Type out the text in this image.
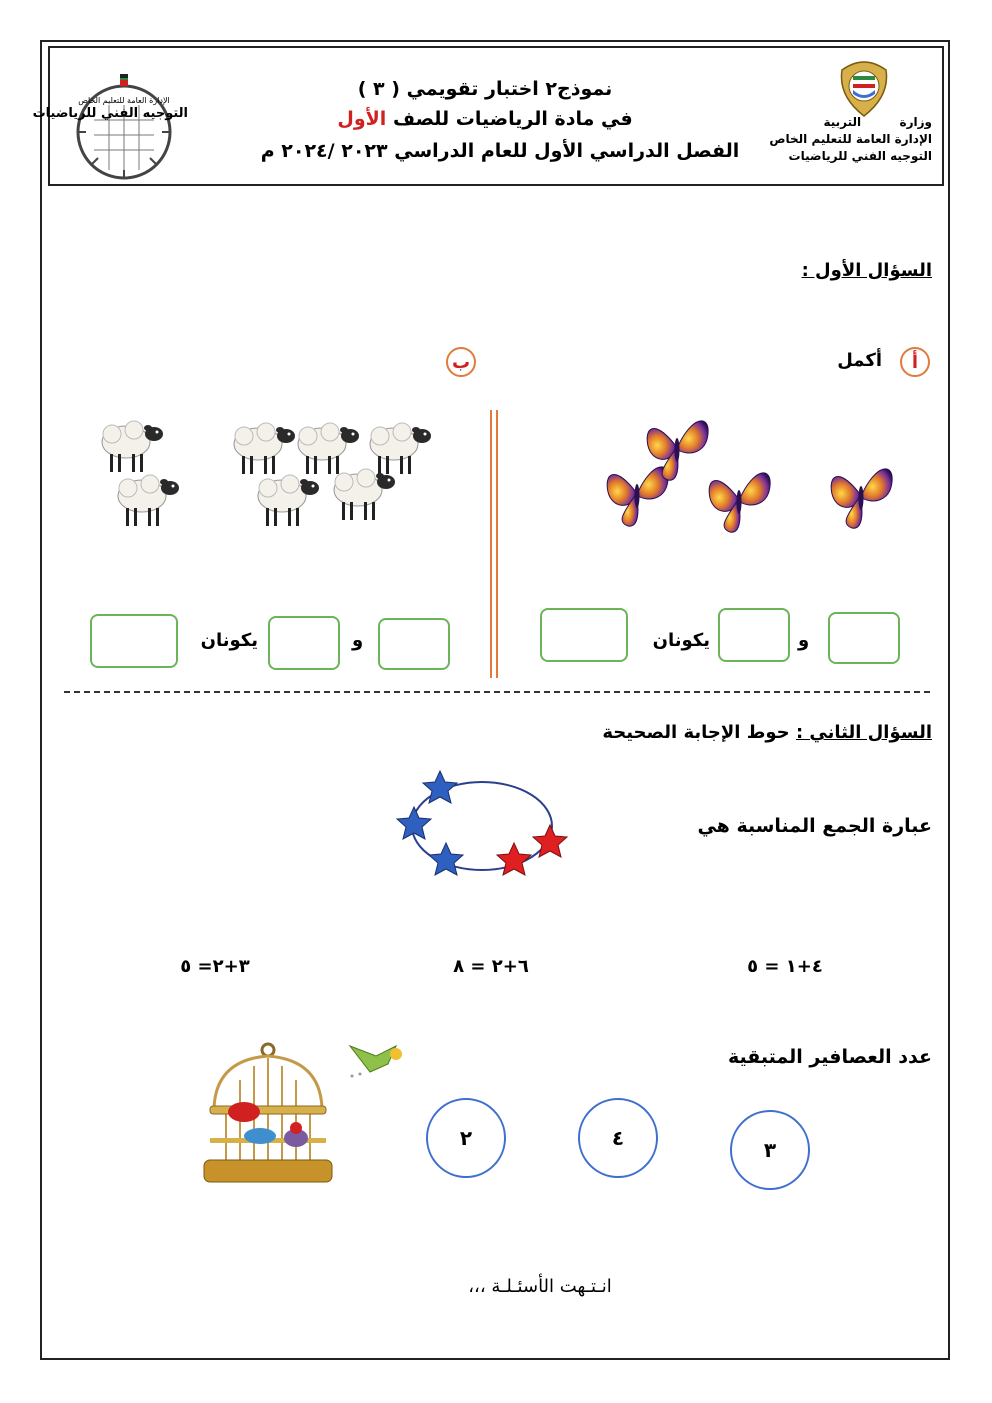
الإدارة العامة للتعليم الخاص
التوجيه الفني للرياضيات
نموذج٢ اختبار تقويمي ( ٣ )
في مادة الرياضيات للصف الأول
الفصل الدراسي الأول للعام الدراسي ٢٠٢٣ /٢٠٢٤ م
وزارة  التربية
الإدارة العامة للتعليم الخاص
التوجيه الفني للرياضيات
السؤال الأول :
أ
أكمل
ب
و
يكونان
و
يكونان
السؤال الثاني : حوط الإجابة الصحيحة
عبارة الجمع المناسبة هي
٤+١ = ٥
٦+٢ = ٨
٣+٢= ٥
عدد العصافير المتبقية
٣
٤
٢
انـتـهت الأسئـلـة ،،،
